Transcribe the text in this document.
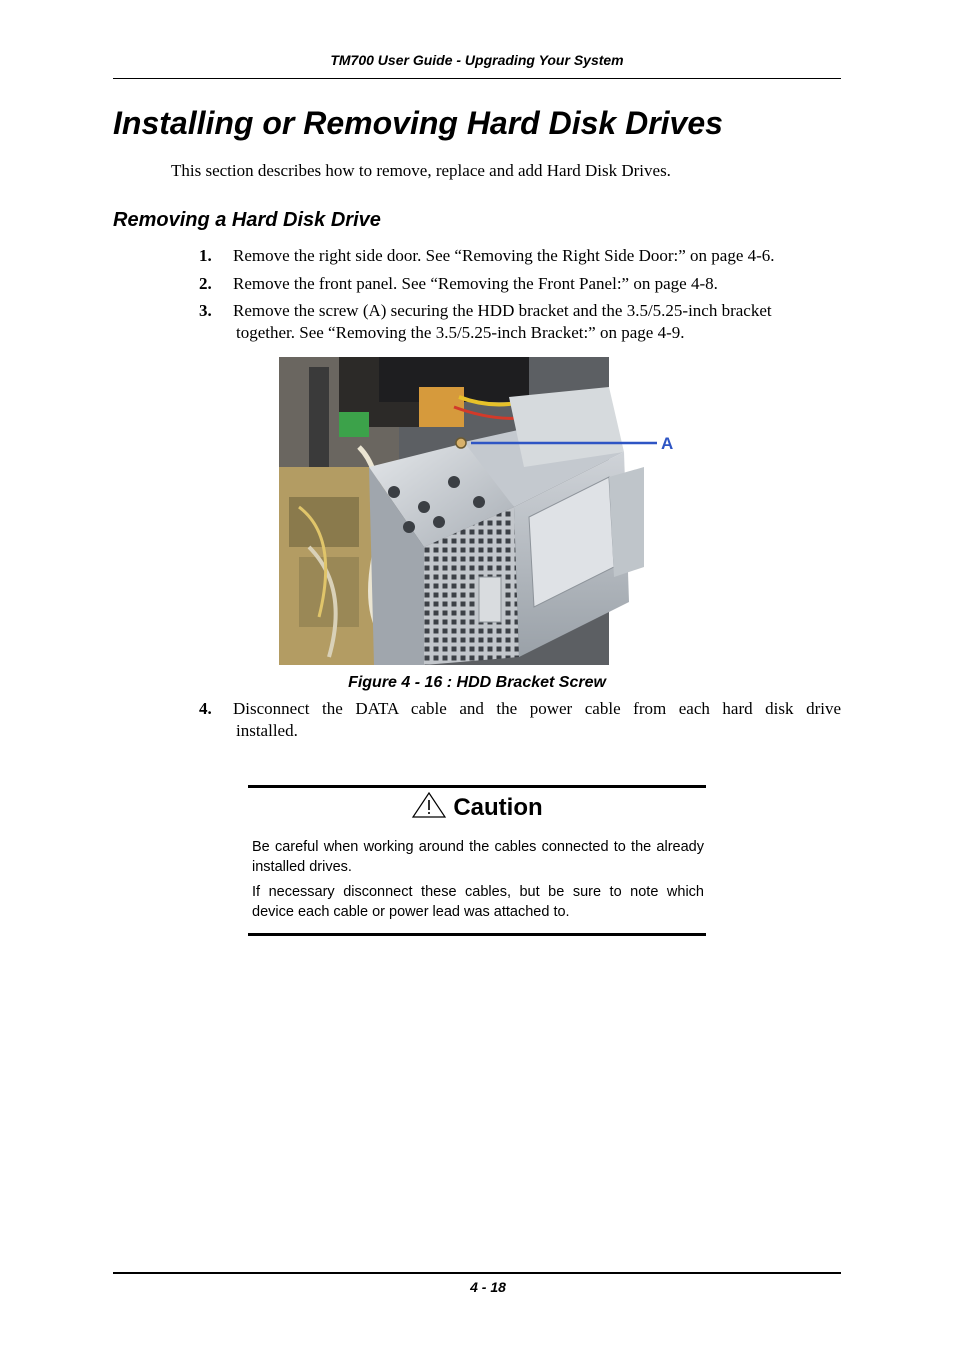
TM700 User Guide - Upgrading Your System
Installing or Removing Hard Disk Drives

This section describes how to remove, replace and add Hard Disk Drives.

Removing a Hard Disk Drive
1. Remove the right side door. See “Removing the Right Side Door:” on page 4-6.
2. Remove the front panel. See “Removing the Front Panel:” on page 4-8.
3. Remove the screw (A) securing the HDD bracket and the 3.5/5.25-inch bracket
together. See “Removing the 3.5/5.25-inch Bracket:” on page 4-9.
A
Figure 4 - 16 : HDD Bracket Screw
4. Disconnect the DATA cable and the power cable from each hard disk drive
installed.
Caution

Be careful when working around the cables connected to the already installed drives.

If necessary disconnect these cables, but be sure to note which device each cable or power lead was attached to.

4 - 18
